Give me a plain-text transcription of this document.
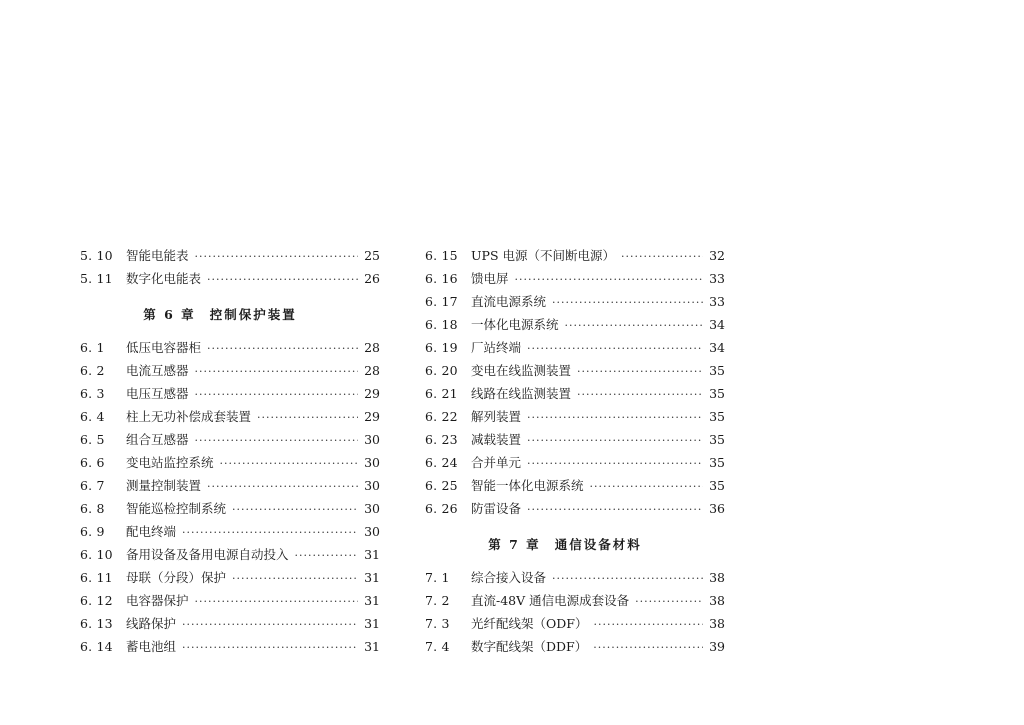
5. 10	智能电能表 ·····	25
5. 11	数字化电能表 ·····	26
第 6 章 控制保护装置
6. 1	低压电容器柜 ·····	28
6. 2	电流互感器 ·····	28
6. 3	电压互感器 ·····	29
6. 4	柱上无功补偿成套装置 ·····	29
6. 5	组合互感器 ·····	30
6. 6	变电站监控系统 ·····	30
6. 7	测量控制装置 ·····	30
6. 8	智能巡检控制系统 ·····	30
6. 9	配电终端 ·····	30
6. 10	备用设备及备用电源自动投入 ·····	31
6. 11	母联（分段）保护 ·····	31
6. 12	电容器保护 ·····	31
6. 13	线路保护 ·····	31
6. 14	蓄电池组 ·····	31
6. 15	UPS 电源（不间断电源） ·····	32
6. 16	馈电屏 ·····	33
6. 17	直流电源系统 ·····	33
6. 18	一体化电源系统 ·····	34
6. 19	厂站终端 ·····	34
6. 20	变电在线监测装置 ·····	35
6. 21	线路在线监测装置 ·····	35
6. 22	解列装置 ·····	35
6. 23	减载装置 ·····	35
6. 24	合并单元 ·····	35
6. 25	智能一体化电源系统 ·····	35
6. 26	防雷设备 ·····	36
第 7 章 通信设备材料
7. 1	综合接入设备 ·····	38
7. 2	直流-48V 通信电源成套设备 ·····	38
7. 3	光纤配线架（ODF） ·····	38
7. 4	数字配线架（DDF） ·····	39
